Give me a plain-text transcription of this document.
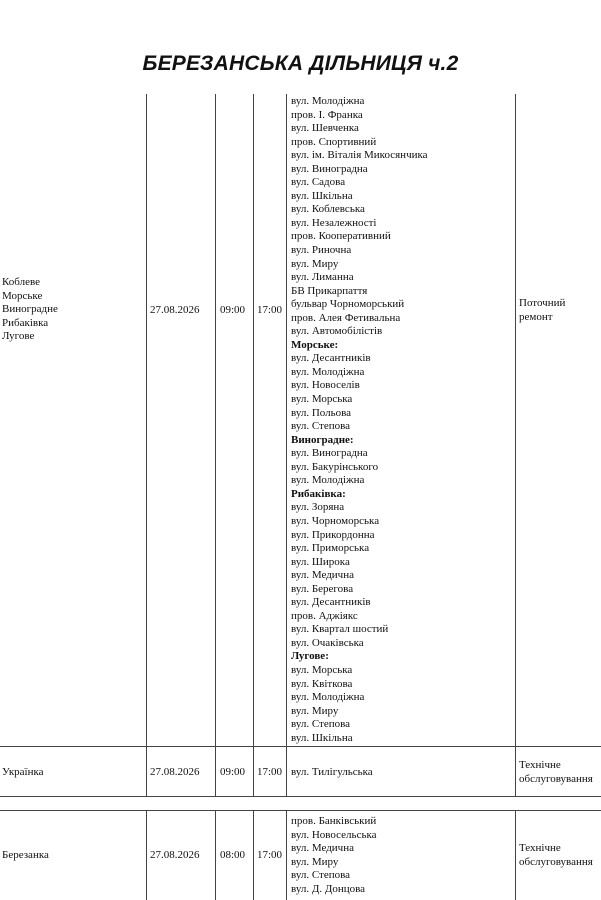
БЕРЕЗАНСЬКА ДІЛЬНИЦЯ ч.2
Коблеве
Морське
Виноградне
Рибаківка
Лугове
27.08.2026 09:00 17:00
вул. Молодіжна
пров. І. Франка
вул. Шевченка
пров. Спортивний
вул. ім. Віталія Микосянчика
вул. Виноградна
вул. Садова
вул. Шкільна
вул. Коблевська
вул. Незалежності
пров. Кооперативний
вул. Риночна
вул. Миру
вул. Лиманна
БВ Прикарпаття
бульвар Чорноморський
пров. Алея Фетивальна
вул. Автомобілістів
Морське:
вул. Десантників
вул. Молодіжна
вул. Новоселів
вул. Морська
вул. Польова
вул. Степова
Виноградне:
вул. Виноградна
вул. Бакурінського
вул. Молодіжна
Рибаківка:
вул. Зоряна
вул. Чорноморська
вул. Прикордонна
вул. Приморська
вул. Широка
вул. Медична
вул. Берегова
вул. Десантників
пров. Аджіякс
вул. Квартал шостий
вул. Очаківська
Лугове:
вул. Морська
вул. Квіткова
вул. Молодіжна
вул. Миру
вул. Степова
вул. Шкільна
Поточний ремонт
Українка	27.08.2026 09:00 17:00 вул. Тилігульська
Технічне обслуговування
Березанка	27.08.2026 08:00 17:00
пров. Банківський
вул. Новосельська
вул. Медична
вул. Миру
вул. Степова
вул. Д. Донцова
Технічне обслуговування
